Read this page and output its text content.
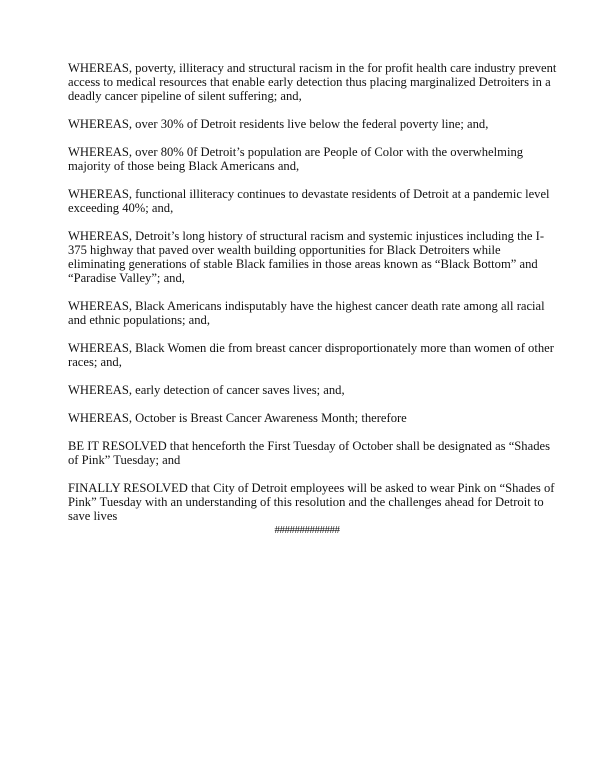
WHEREAS, poverty, illiteracy and structural racism in the for profit health care industry prevent
access to medical resources that enable early detection thus placing marginalized Detroiters in a
deadly cancer pipeline of silent suffering; and,

WHEREAS, over 30% of Detroit residents live below the federal poverty line; and,

WHEREAS, over 80% 0f Detroit’s population are People of Color with the overwhelming
majority of those being Black Americans and,

WHEREAS, functional illiteracy continues to devastate residents of Detroit at a pandemic level
exceeding 40%; and,

WHEREAS, Detroit’s long history of structural racism and systemic injustices including the I-
375 highway that paved over wealth building opportunities for Black Detroiters while
eliminating generations of stable Black families in those areas known as “Black Bottom” and
“Paradise Valley”; and,

WHEREAS, Black Americans indisputably have the highest cancer death rate among all racial
and ethnic populations; and,

WHEREAS, Black Women die from breast cancer disproportionately more than women of other
races; and,

WHEREAS, early detection of cancer saves lives; and,

WHEREAS, October is Breast Cancer Awareness Month; therefore

BE IT RESOLVED that henceforth the First Tuesday of October shall be designated as “Shades
of Pink” Tuesday; and

FINALLY RESOLVED that City of Detroit employees will be asked to wear Pink on “Shades of
Pink” Tuesday with an understanding of this resolution and the challenges ahead for Detroit to
save lives

#############
